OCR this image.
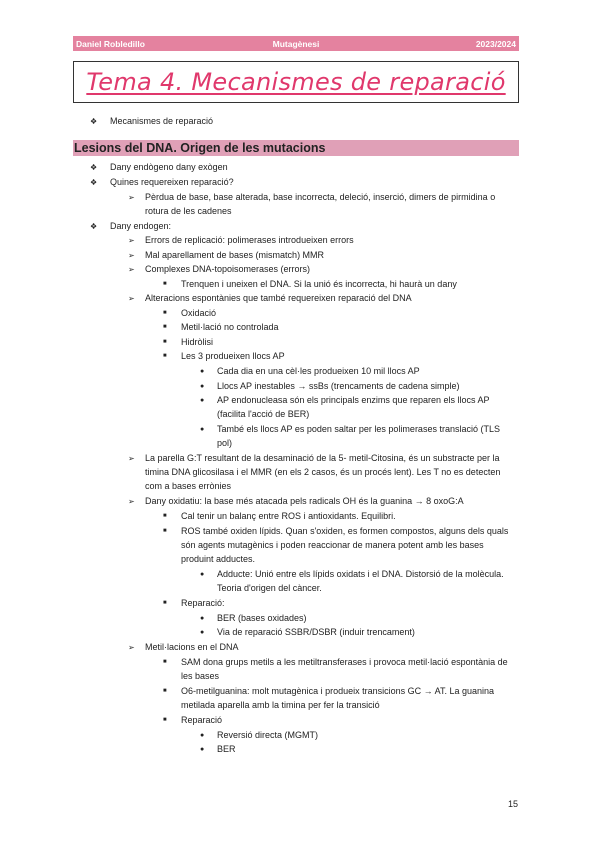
Daniel Robledillo	Mutagènesi	2023/2024
Tema 4. Mecanismes de reparació
❖ Mecanismes de reparació
Lesions del DNA. Origen de les mutacions
❖ Dany endògeno dany exògen
❖ Quines requereixen reparació?
➢ Pèrdua de base, base alterada, base incorrecta, deleció, inserció, dimers de pirmidina o
rotura de les cadenes
❖ Dany endogen:
➢ Errors de replicació: polimerases introdueixen errors
➢ Mal aparellament de bases (mismatch) MMR
➢ Complexes DNA-topoisomerases (errors)
■ Trenquen i uneixen el DNA. Si la unió és incorrecta, hi haurà un dany
➢ Alteracions espontànies que també requereixen reparació del DNA
■ Oxidació
■ Metil·lació no controlada
■ Hidròlisi
■ Les 3 produeixen llocs AP
● Cada dia en una cèl·les produeixen 10 mil llocs AP
● Llocs AP inestables → ssBs (trencaments de cadena simple)
● AP endonucleasa són els principals enzims que reparen els llocs AP
(facilita l'acció de BER)
● També els llocs AP es poden saltar per les polimerases translació (TLS
pol)
➢ La parella G:T resultant de la desaminació de la 5- metil-Citosina, és un substracte per la
timina DNA glicosilasa i el MMR (en els 2 casos, és un procés lent). Les T no es detecten
com a bases errònies
➢ Dany oxidatiu: la base més atacada pels radicals OH és la guanina → 8 oxoG:A
■ Cal tenir un balanç entre ROS i antioxidants. Equilibri.
■ ROS també oxiden lípids. Quan s'oxiden, es formen compostos, alguns dels quals
són agents mutagènics i poden reaccionar de manera potent amb les bases
produint adductes.
● Adducte: Unió entre els lípids oxidats i el DNA. Distorsió de la molècula.
Teoria d'origen del càncer.
■ Reparació:
● BER (bases oxidades)
● Via de reparació SSBR/DSBR (induir trencament)
➢ Metil·lacions en el DNA
■ SAM dona grups metils a les metiltransferases i provoca metil·lació espontània de
les bases
■ O6-metilguanina: molt mutagènica i produeix transicions GC → AT. La guanina
metilada aparella amb la timina per fer la transició
■ Reparació
● Reversió directa (MGMT)
● BER
15
